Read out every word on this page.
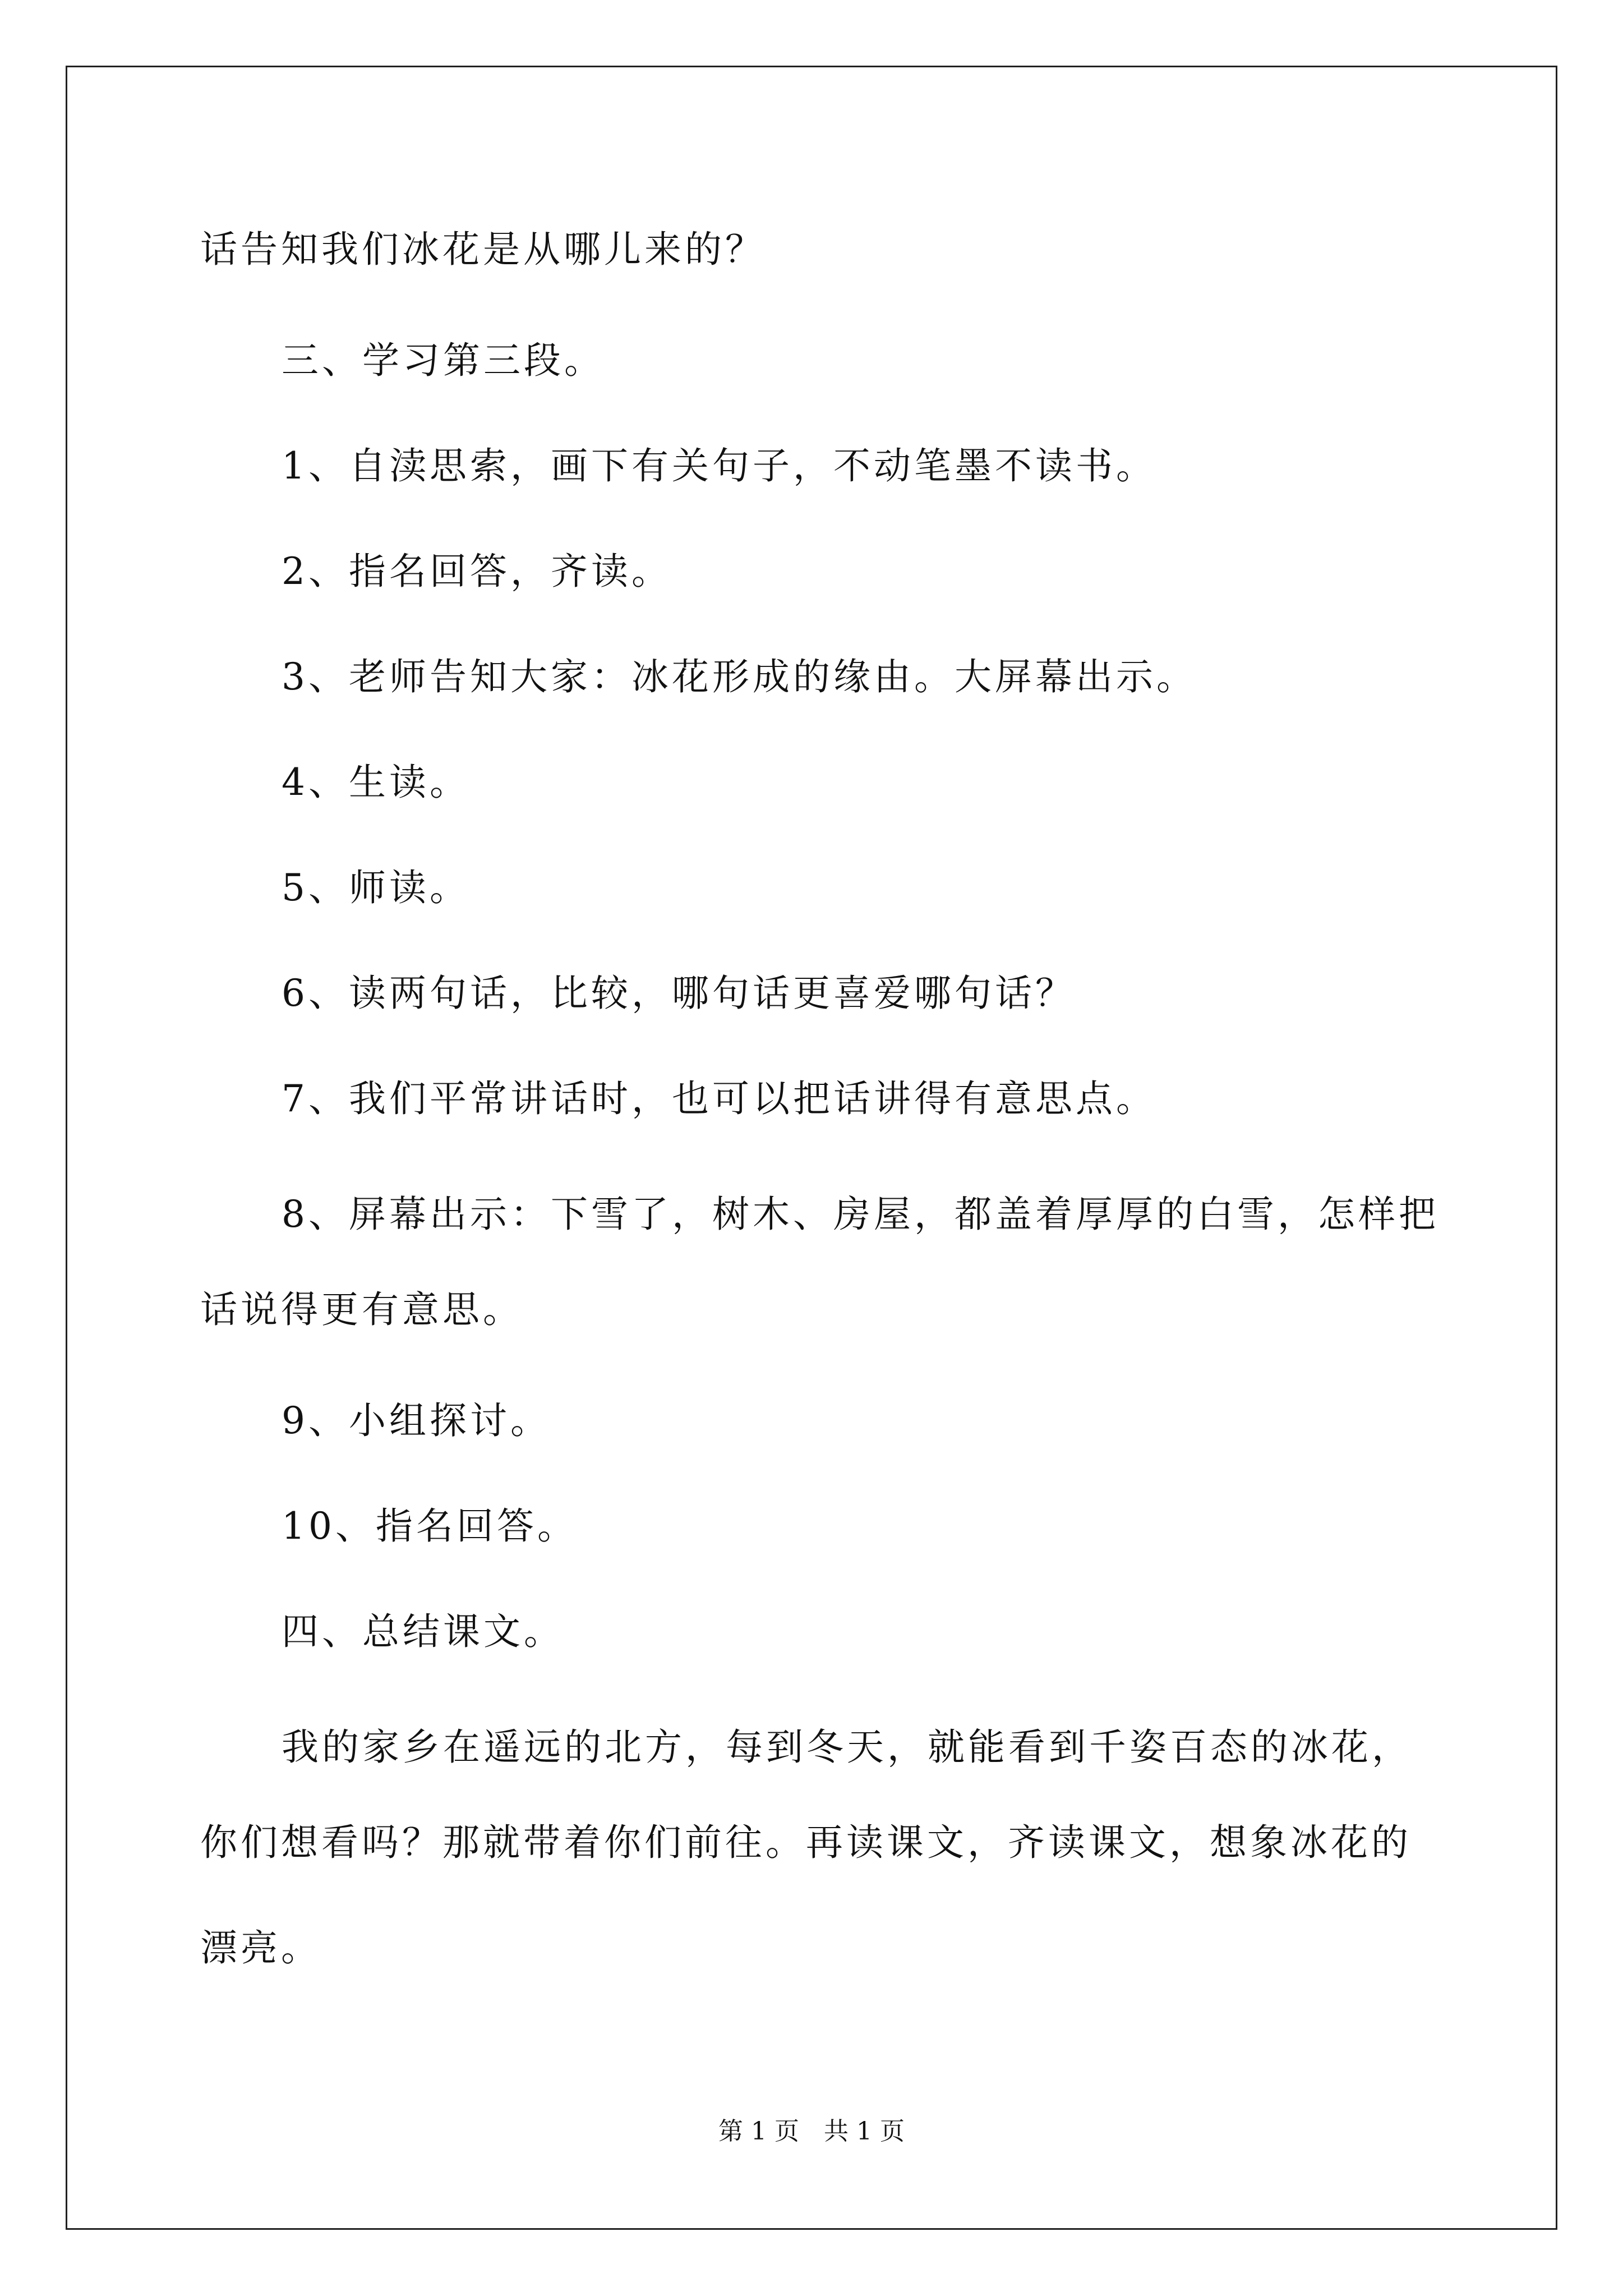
话告知我们冰花是从哪儿来的？
三、学习第三段。
1、自渎思索，画下有关句子，不动笔墨不读书。
2、指名回答，齐读。
3、老师告知大家：冰花形成的缘由。大屏幕出示。
4、生读。
5、师读。
6、读两句话，比较，哪句话更喜爱哪句话？
7、我们平常讲话时，也可以把话讲得有意思点。
8、屏幕出示：下雪了，树木、房屋，都盖着厚厚的白雪，怎样把
话说得更有意思。
9、小组探讨。
10、指名回答。
四、总结课文。
我的家乡在遥远的北方，每到冬天，就能看到千姿百态的冰花，
你们想看吗？那就带着你们前往。再读课文，齐读课文，想象冰花的
漂亮。
第 1 页　共 1 页
